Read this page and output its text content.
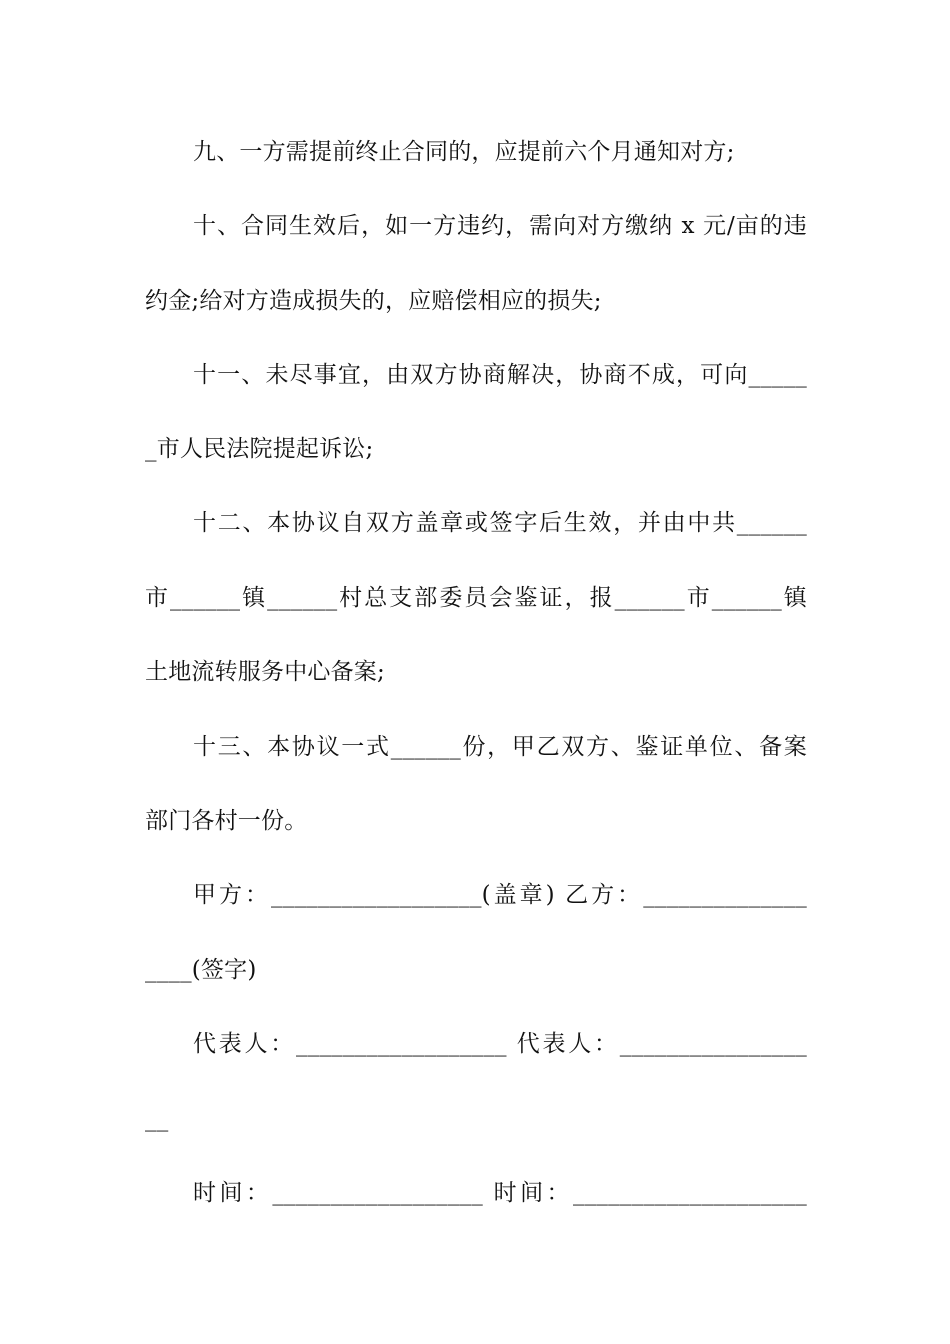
九、一方需提前终止合同的，应提前六个月通知对方;
十、合同生效后，如一方违约，需向对方缴纳 x 元/亩的违
约金;给对方造成损失的，应赔偿相应的损失;
十一、未尽事宜，由双方协商解决，协商不成，可向_____
_市人民法院提起诉讼;
十二、本协议自双方盖章或签字后生效，并由中共______
市______镇______村总支部委员会鉴证，报______市______镇
土地流转服务中心备案;
十三、本协议一式______份，甲乙双方、鉴证单位、备案
部门各村一份。
甲方：__________________(盖章) 乙方：______________
____(签字)
代表人：__________________ 代表人：________________
__
时间：__________________ 时间：____________________
